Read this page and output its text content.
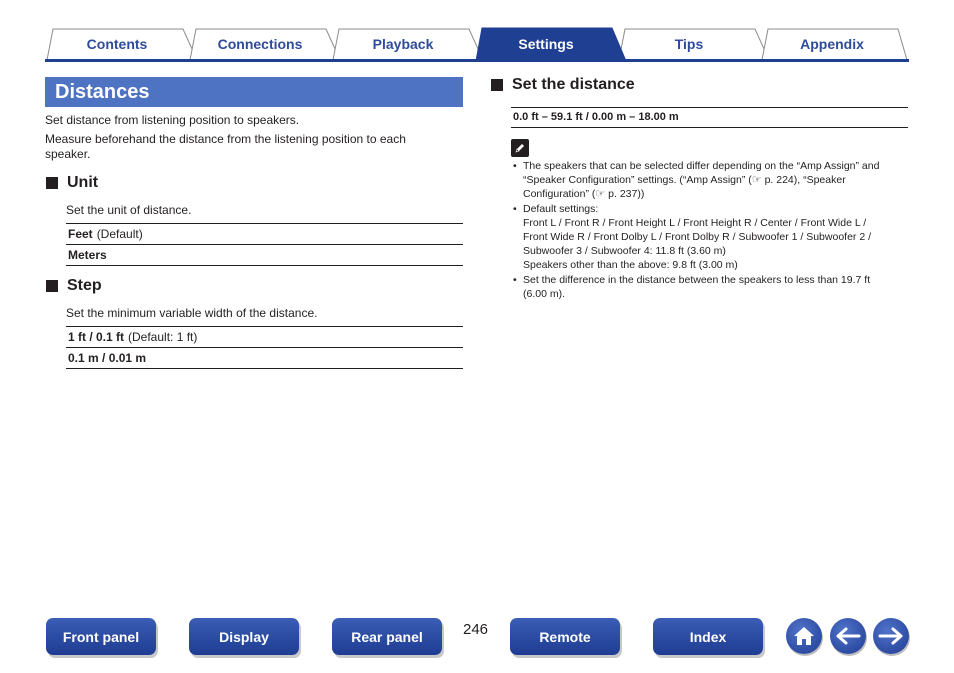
Contents	Connections	Playback	Settings	Tips	Appendix
Distances
Set distance from listening position to speakers.
Measure beforehand the distance from the listening position to each
speaker.
Unit
Set the unit of distance.
Feet (Default)
Meters
Step
Set the minimum variable width of the distance.
1 ft / 0.1 ft (Default: 1 ft)
0.1 m / 0.01 m
Set the distance
0.0 ft – 59.1 ft / 0.00 m – 18.00 m
• The speakers that can be selected differ depending on the “Amp Assign” and
“Speaker Configuration” settings. (“Amp Assign” (☞ p. 224), “Speaker
Configuration” (☞ p. 237))
• Default settings:
Front L / Front R / Front Height L / Front Height R / Center / Front Wide L /
Front Wide R / Front Dolby L / Front Dolby R / Subwoofer 1 / Subwoofer 2 /
Subwoofer 3 / Subwoofer 4: 11.8 ft (3.60 m)
Speakers other than the above: 9.8 ft (3.00 m)
• Set the difference in the distance between the speakers to less than 19.7 ft
(6.00 m).
Front panel	Display	Rear panel	246	Remote	Index
